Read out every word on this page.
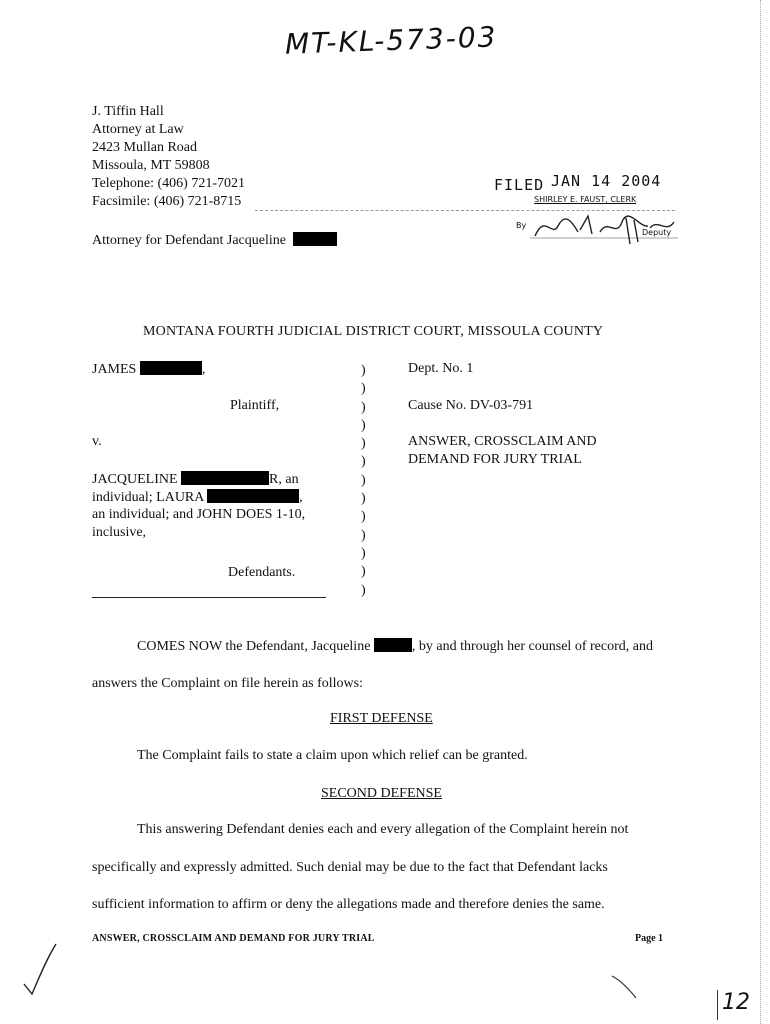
MT-KL-573-03
J. Tiffin Hall
Attorney at Law
2423 Mullan Road
Missoula, MT 59808
Telephone: (406) 721-7021
Facsimile: (406) 721-8715
Attorney for Defendant Jacqueline
FILED JAN 14 2004
SHIRLEY E. FAUST, CLERK
By
Deputy
MONTANA FOURTH JUDICIAL DISTRICT COURT, MISSOULA COUNTY
JAMES	,
Plaintiff,
v.
JACQUELINE	R, an
individual; LAURA	,
an individual; and JOHN DOES 1-10,
inclusive,
Defendants.
)
)
)
)
)
)
)
)
)
)
)
)
)
Dept. No. 1
Cause No. DV-03-791
ANSWER, CROSSCLAIM AND
DEMAND FOR JURY TRIAL
COMES NOW the Defendant, Jacqueline	, by and through her counsel of record, and
answers the Complaint on file herein as follows:
FIRST DEFENSE
The Complaint fails to state a claim upon which relief can be granted.
SECOND DEFENSE
This answering Defendant denies each and every allegation of the Complaint herein not
specifically and expressly admitted. Such denial may be due to the fact that Defendant lacks
sufficient information to affirm or deny the allegations made and therefore denies the same.
ANSWER, CROSSCLAIM AND DEMAND FOR JURY TRIAL	Page 1
12
